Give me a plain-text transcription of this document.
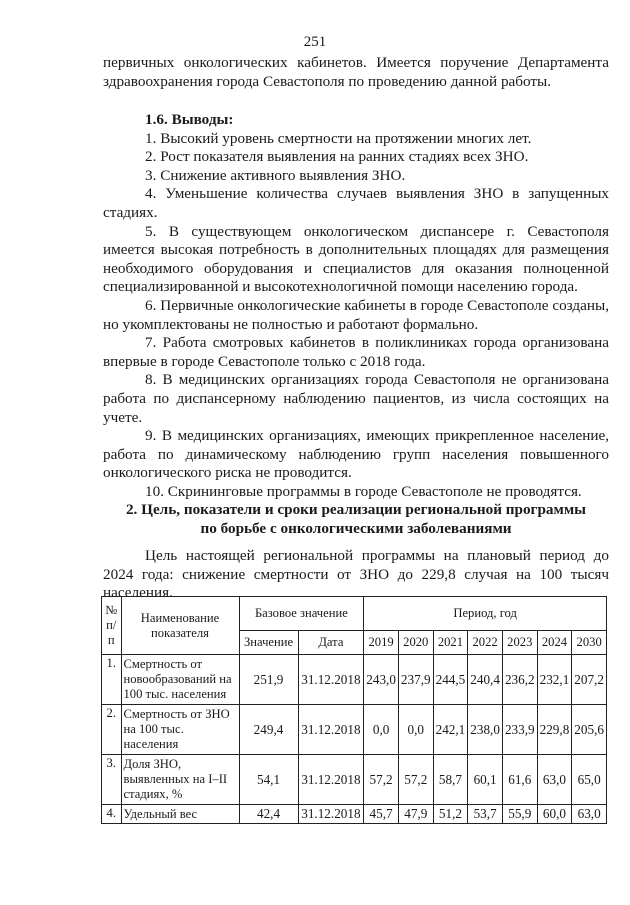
251
первичных онкологических кабинетов. Имеется поручение Департамента здравоохранения города Севастополя по проведению данной работы.
1.6. Выводы:
1. Высокий уровень смертности на протяжении многих лет.
2. Рост показателя выявления на ранних стадиях всех ЗНО.
3. Снижение активного выявления ЗНО.
4. Уменьшение количества случаев выявления ЗНО в запущенных стадиях.
5. В существующем онкологическом диспансере г. Севастополя имеется высокая потребность в дополнительных площадях для размещения необходимого оборудования и специалистов для оказания полноценной специализированной и высокотехнологичной помощи населению города.
6. Первичные онкологические кабинеты в городе Севастополе созданы, но укомплектованы не полностью и работают формально.
7. Работа смотровых кабинетов в поликлиниках города организована впервые в городе Севастополе только с 2018 года.
8. В медицинских организациях города Севастополя не организована работа по диспансерному наблюдению пациентов, из числа состоящих на учете.
9. В медицинских организациях, имеющих прикрепленное население, работа по динамическому наблюдению групп населения повышенного онкологического риска не проводится.
10. Скрининговые программы в городе Севастополе не проводятся.
2. Цель, показатели и сроки реализации региональной программы
по борьбе с онкологическими заболеваниями
Цель настоящей региональной программы на плановый период до 2024 года: снижение смертности от ЗНО до 229,8 случая на 100 тысяч населения.
№ п/п	Наименование показателя	Базовое значение		Период, год						
		Значение	Дата	2019	2020	2021	2022	2023	2024	2030
1.	Смертность от новообразований на 100 тыс. населения	251,9	31.12.2018	243,0	237,9	244,5	240,4	236,2	232,1	207,2
2.	Смертность от ЗНО на 100 тыс. населения	249,4	31.12.2018	0,0	0,0	242,1	238,0	233,9	229,8	205,6
3.	Доля ЗНО, выявленных на I–II стадиях, %	54,1	31.12.2018	57,2	57,2	58,7	60,1	61,6	63,0	65,0
4.	Удельный вес	42,4	31.12.2018	45,7	47,9	51,2	53,7	55,9	60,0	63,0
